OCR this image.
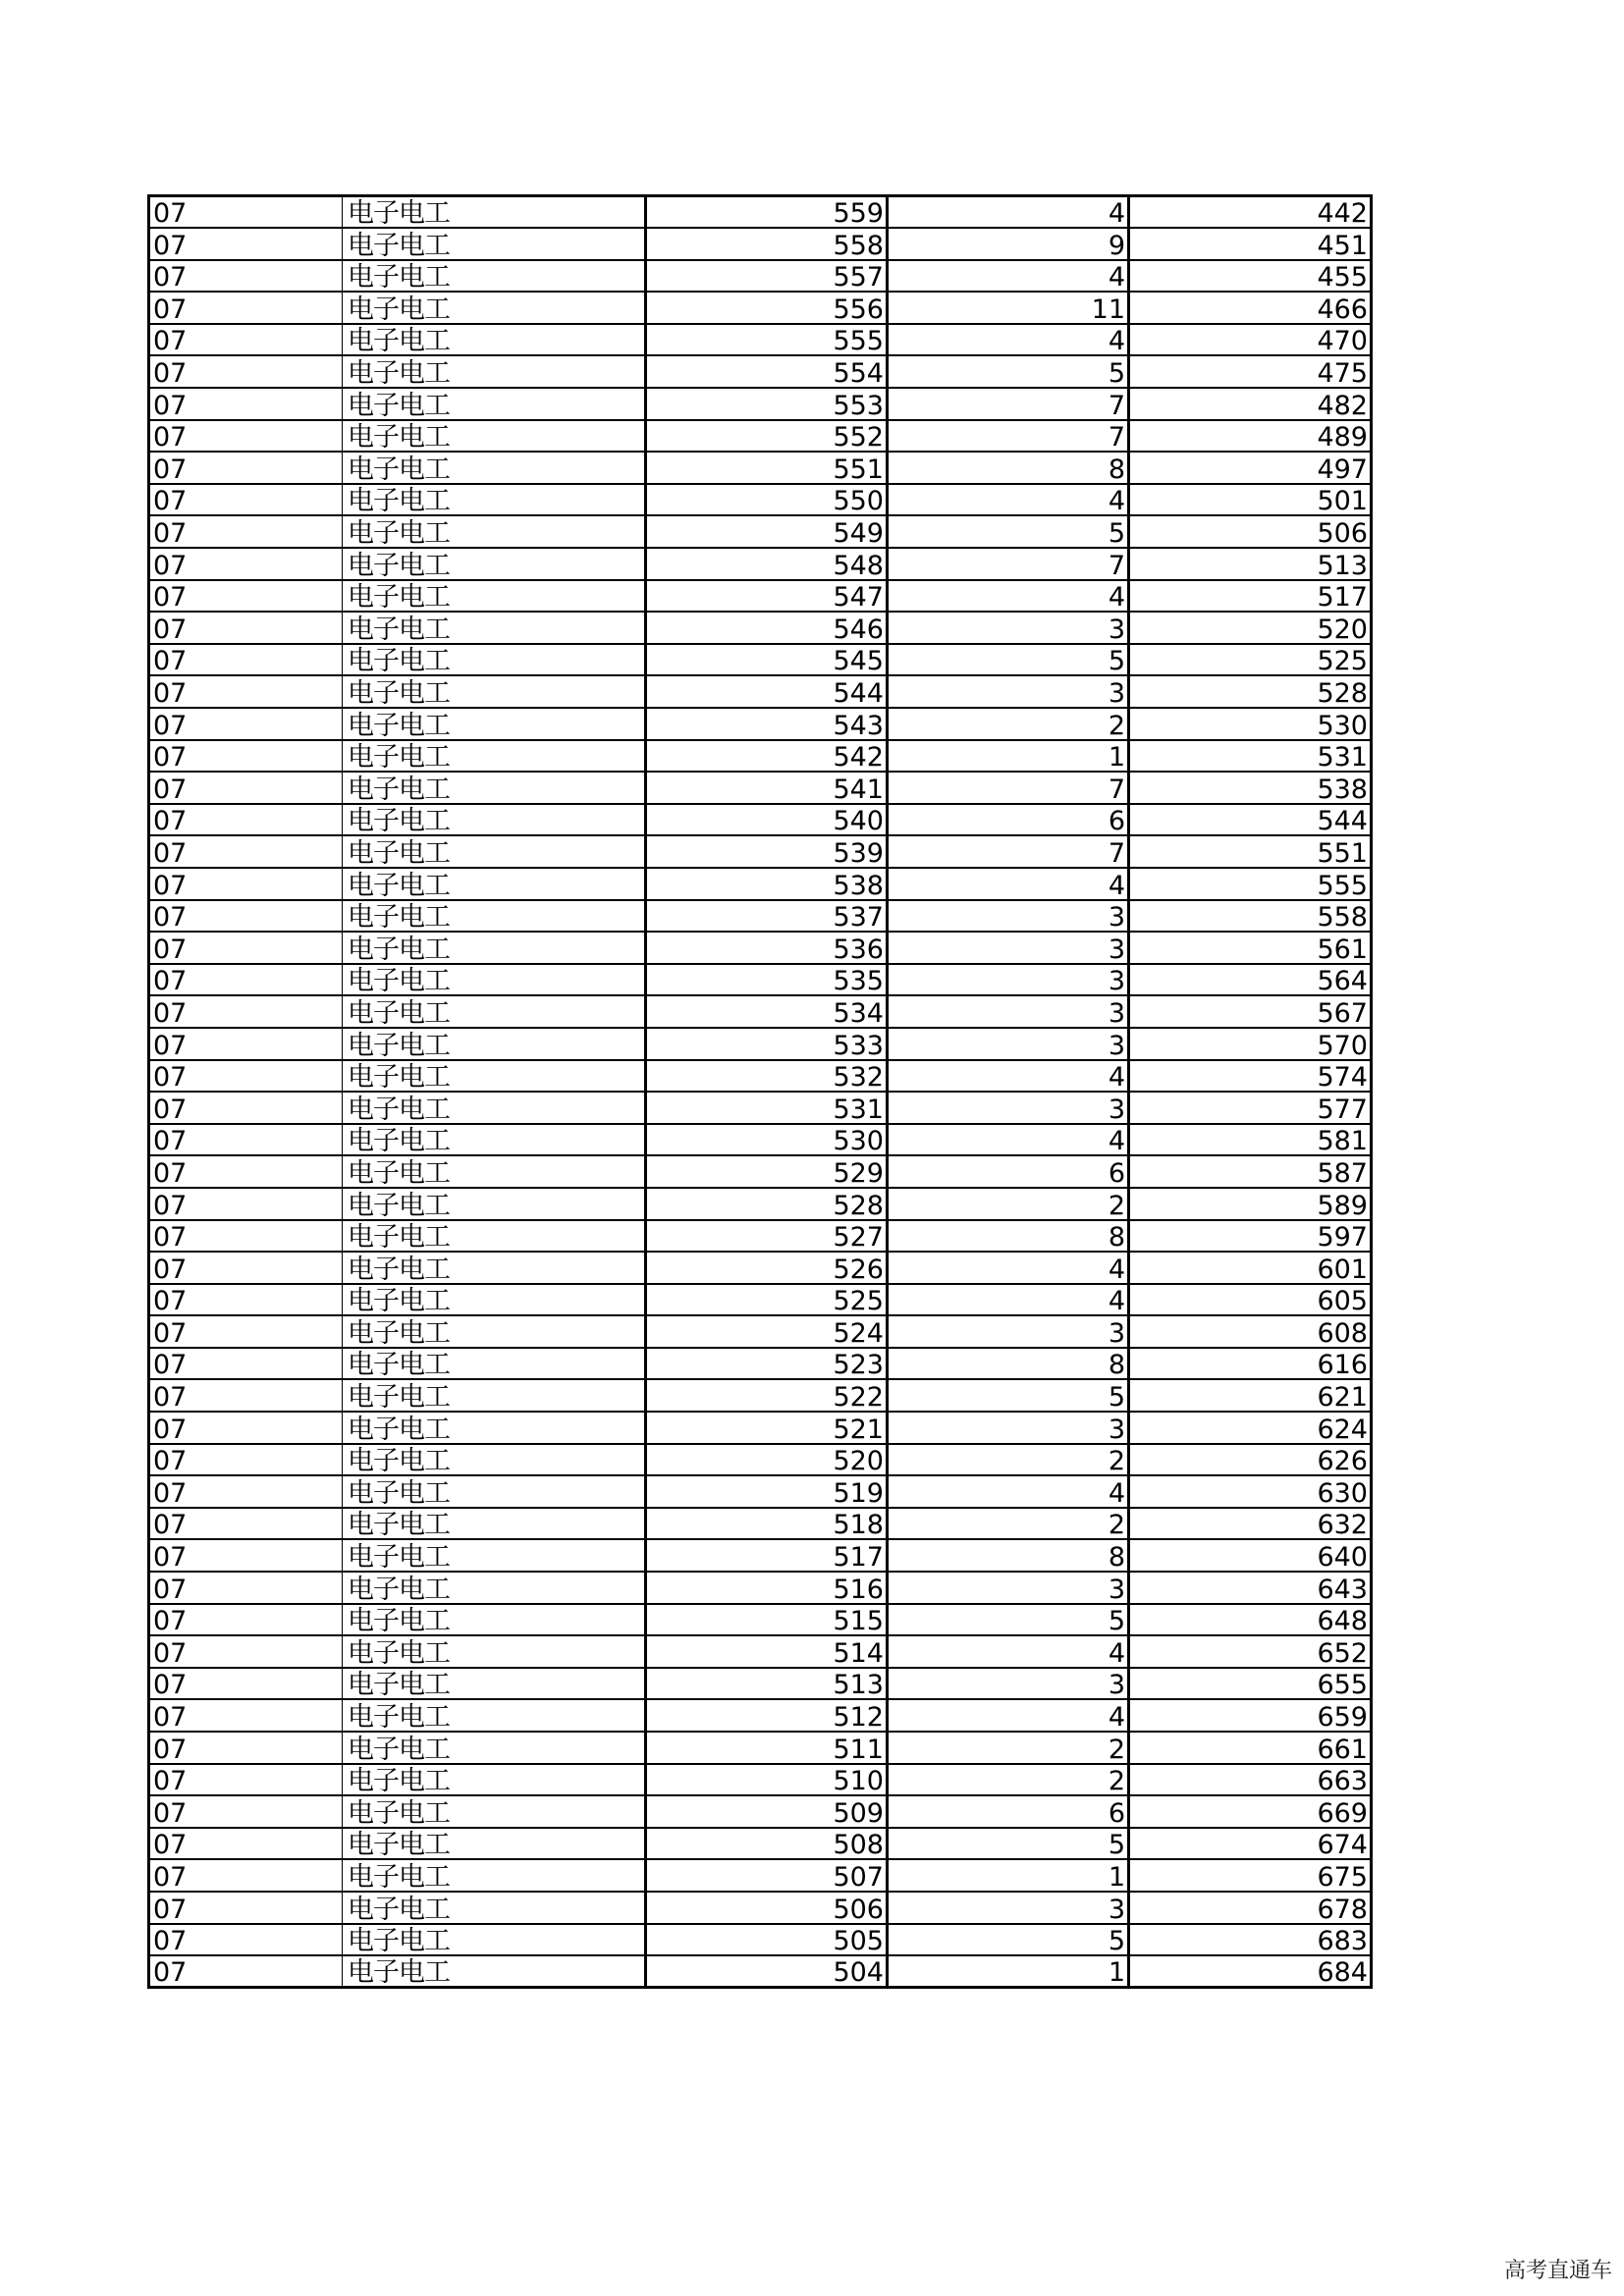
07	电子电工	559	4	442
07	电子电工	558	9	451
07	电子电工	557	4	455
07	电子电工	556	11	466
07	电子电工	555	4	470
07	电子电工	554	5	475
07	电子电工	553	7	482
07	电子电工	552	7	489
07	电子电工	551	8	497
07	电子电工	550	4	501
07	电子电工	549	5	506
07	电子电工	548	7	513
07	电子电工	547	4	517
07	电子电工	546	3	520
07	电子电工	545	5	525
07	电子电工	544	3	528
07	电子电工	543	2	530
07	电子电工	542	1	531
07	电子电工	541	7	538
07	电子电工	540	6	544
07	电子电工	539	7	551
07	电子电工	538	4	555
07	电子电工	537	3	558
07	电子电工	536	3	561
07	电子电工	535	3	564
07	电子电工	534	3	567
07	电子电工	533	3	570
07	电子电工	532	4	574
07	电子电工	531	3	577
07	电子电工	530	4	581
07	电子电工	529	6	587
07	电子电工	528	2	589
07	电子电工	527	8	597
07	电子电工	526	4	601
07	电子电工	525	4	605
07	电子电工	524	3	608
07	电子电工	523	8	616
07	电子电工	522	5	621
07	电子电工	521	3	624
07	电子电工	520	2	626
07	电子电工	519	4	630
07	电子电工	518	2	632
07	电子电工	517	8	640
07	电子电工	516	3	643
07	电子电工	515	5	648
07	电子电工	514	4	652
07	电子电工	513	3	655
07	电子电工	512	4	659
07	电子电工	511	2	661
07	电子电工	510	2	663
07	电子电工	509	6	669
07	电子电工	508	5	674
07	电子电工	507	1	675
07	电子电工	506	3	678
07	电子电工	505	5	683
07	电子电工	504	1	684
高考直通车
